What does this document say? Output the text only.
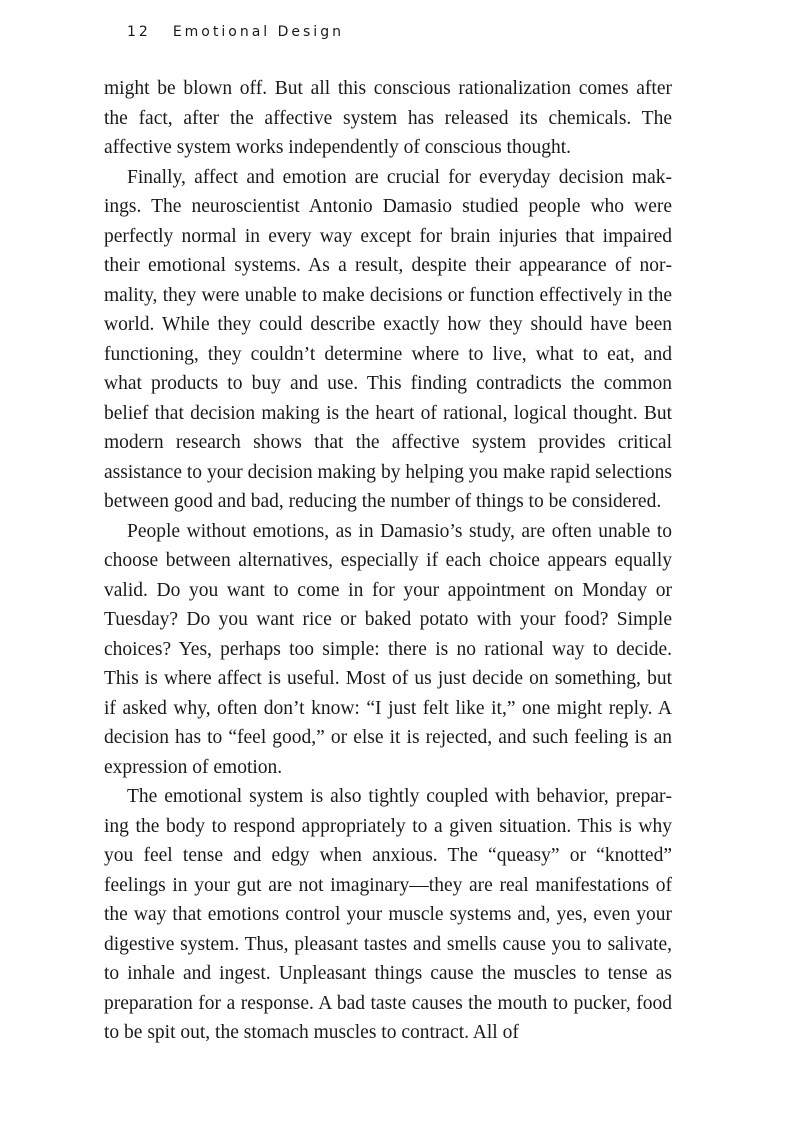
12 Emotional Design

might be blown off. But all this conscious rationalization comes after the fact, after the affective system has released its chemicals. The affective system works independently of conscious thought.

Finally, affect and emotion are crucial for everyday decision makings. The neuroscientist Antonio Damasio studied people who were perfectly normal in every way except for brain injuries that impaired their emotional systems. As a result, despite their appearance of normality, they were unable to make decisions or function effectively in the world. While they could describe exactly how they should have been functioning, they couldn’t determine where to live, what to eat, and what products to buy and use. This finding contradicts the common belief that decision making is the heart of rational, logical thought. But modern research shows that the affective system provides critical assistance to your decision making by helping you make rapid selections between good and bad, reducing the number of things to be considered.

People without emotions, as in Damasio’s study, are often unable to choose between alternatives, especially if each choice appears equally valid. Do you want to come in for your appointment on Monday or Tuesday? Do you want rice or baked potato with your food? Simple choices? Yes, perhaps too simple: there is no rational way to decide. This is where affect is useful. Most of us just decide on something, but if asked why, often don’t know: “I just felt like it,” one might reply. A decision has to “feel good,” or else it is rejected, and such feeling is an expression of emotion.

The emotional system is also tightly coupled with behavior, preparing the body to respond appropriately to a given situation. This is why you feel tense and edgy when anxious. The “queasy” or “knotted” feelings in your gut are not imaginary—they are real manifestations of the way that emotions control your muscle systems and, yes, even your digestive system. Thus, pleasant tastes and smells cause you to salivate, to inhale and ingest. Unpleasant things cause the muscles to tense as preparation for a response. A bad taste causes the mouth to pucker, food to be spit out, the stomach muscles to contract. All of
